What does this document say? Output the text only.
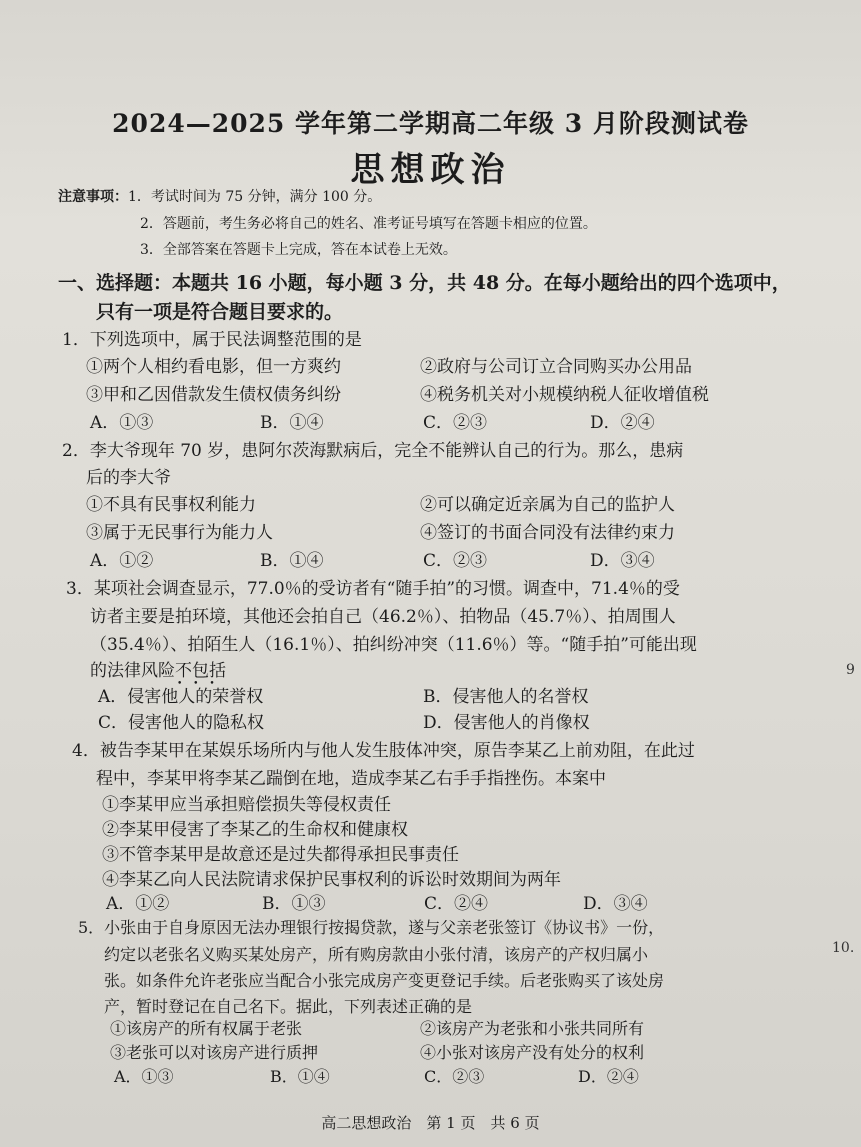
2024—2025 学年第二学期高二年级 3 月阶段测试卷
思想政治
注意事项：1．考试时间为 75 分钟，满分 100 分。
2．答题前，考生务必将自己的姓名、准考证号填写在答题卡相应的位置。
3．全部答案在答题卡上完成，答在本试卷上无效。
一、选择题：本题共 16 小题，每小题 3 分，共 48 分。在每小题给出的四个选项中，
只有一项是符合题目要求的。
1．下列选项中，属于民法调整范围的是
①两个人相约看电影，但一方爽约	②政府与公司订立合同购买办公用品
③甲和乙因借款发生债权债务纠纷	④税务机关对小规模纳税人征收增值税
A．①③	B．①④	C．②③	D．②④
2．李大爷现年 70 岁，患阿尔茨海默病后，完全不能辨认自己的行为。那么，患病
后的李大爷
①不具有民事权利能力	②可以确定近亲属为自己的监护人
③属于无民事行为能力人	④签订的书面合同没有法律约束力
A．①②	B．①④	C．②③	D．③④
3．某项社会调查显示，77.0％的受访者有“随手拍”的习惯。调查中，71.4％的受
访者主要是拍环境，其他还会拍自己（46.2％）、拍物品（45.7％）、拍周围人
（35.4％）、拍陌生人（16.1％）、拍纠纷冲突（11.6％）等。“随手拍”可能出现
的法律风险不包括 • • •
A．侵害他人的荣誉权	B．侵害他人的名誉权
C．侵害他人的隐私权	D．侵害他人的肖像权
4．被告李某甲在某娱乐场所内与他人发生肢体冲突，原告李某乙上前劝阻，在此过
程中，李某甲将李某乙踹倒在地，造成李某乙右手手指挫伤。本案中
①李某甲应当承担赔偿损失等侵权责任
②李某甲侵害了李某乙的生命权和健康权
③不管李某甲是故意还是过失都得承担民事责任
④李某乙向人民法院请求保护民事权利的诉讼时效期间为两年
A．①②	B．①③	C．②④	D．③④
5．小张由于自身原因无法办理银行按揭贷款，遂与父亲老张签订《协议书》一份，
约定以老张名义购买某处房产，所有购房款由小张付清，该房产的产权归属小
张。如条件允许老张应当配合小张完成房产变更登记手续。后老张购买了该处房
产，暂时登记在自己名下。据此，下列表述正确的是
①该房产的所有权属于老张	②该房产为老张和小张共同所有
③老张可以对该房产进行质押	④小张对该房产没有处分的权利
A．①③	B．①④	C．②③	D．②④
高二思想政治　第 1 页　共 6 页
9
10.
